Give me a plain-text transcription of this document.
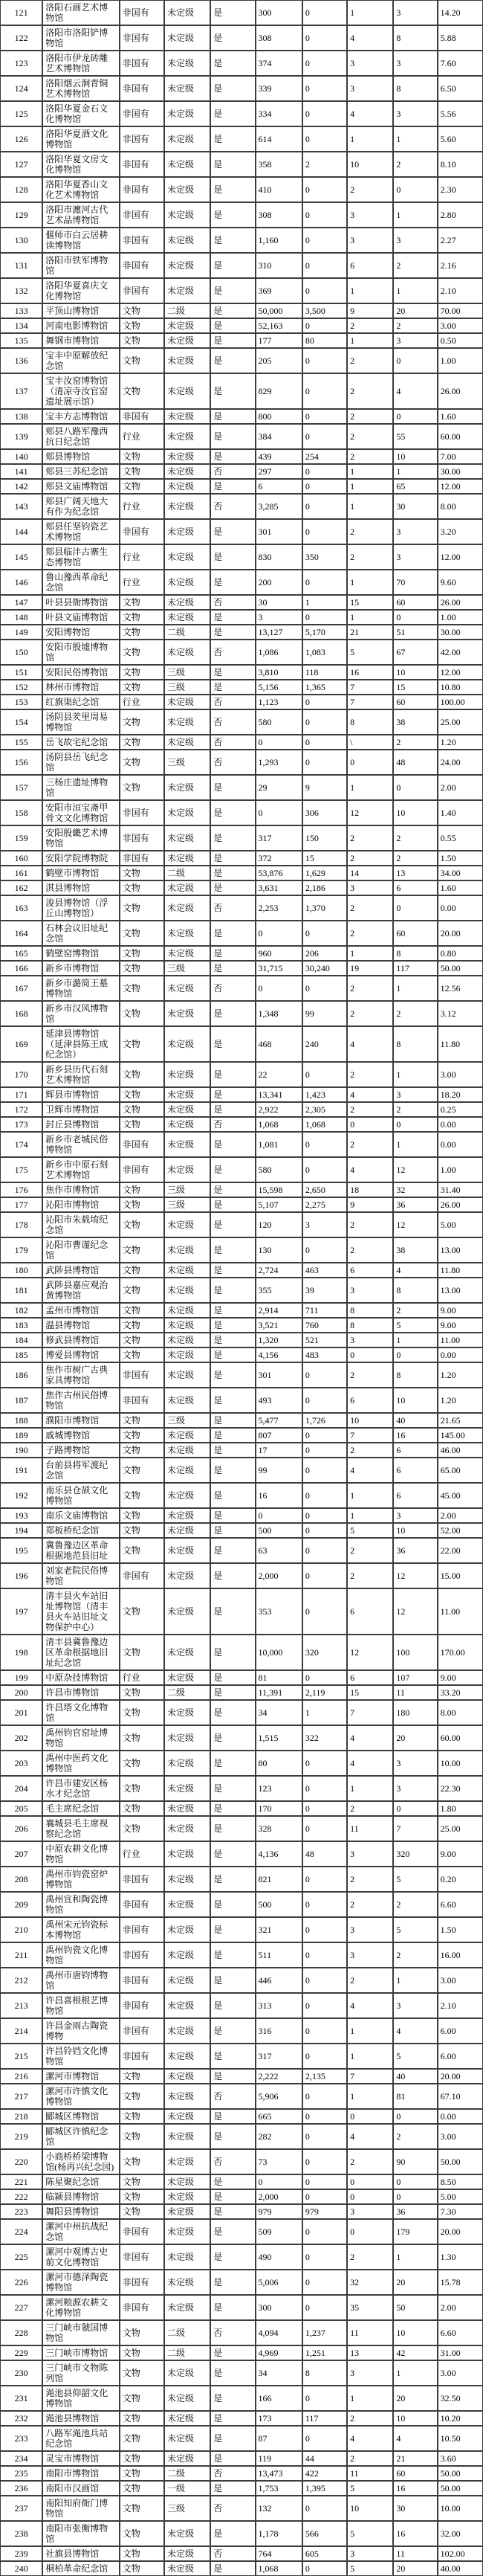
121	洛阳石画艺术博物馆	非国有	未定级	是	300	0	1	3	14.20
122	洛阳市洛阳铲博物馆	非国有	未定级	是	308	0	4	8	5.88
123	洛阳市伊龙砖雕艺术博物馆	非国有	未定级	是	374	0	3	3	7.60
124	洛阳烟云涧青铜艺术博物馆	非国有	未定级	是	339	0	3	8	6.50
125	洛阳华夏金石文化博物馆	非国有	未定级	是	334	0	4	3	5.56
126	洛阳华夏酒文化博物馆	非国有	未定级	是	614	0	1	1	5.60
127	洛阳华夏文房文化博物馆	非国有	未定级	是	358	2	10	2	8.10
128	洛阳华夏香山文化艺术博物馆	非国有	未定级	是	410	0	2	0	2.30
129	洛阳市瀍河古代艺术品博物馆	非国有	未定级	是	308	0	3	1	2.80
130	偃师市白云居耕读博物馆	非国有	未定级	是	1,160	0	3	3	2.27
131	洛阳市铁军博物馆	非国有	未定级	是	310	0	6	2	2.16
132	洛阳华夏喜庆文化博物馆	非国有	未定级	是	369	0	1	1	2.10
133	平顶山博物馆	文物	二级	是	50,000	3,500	9	20	70.00
134	河南电影博物馆	文物	未定级	是	52,163	0	2	2	3.00
135	舞钢市博物馆	文物	未定级	是	177	80	1	3	0.50
136	宝丰中原解放纪念馆	文物	未定级	是	205	0	2	0	1.00
137	宝丰汝窑博物馆（清凉寺汝官窑遗址展示馆）	文物	未定级	是	829	0	2	4	26.00
138	宝丰方志博物馆	非国有	未定级	是	800	0	2	0	1.60
139	郏县八路军豫西抗日纪念馆	行业	未定级	是	384	0	2	55	60.00
140	郏县博物馆	文物	未定级	是	439	254	2	10	7.00
141	郏县三苏纪念馆	文物	未定级	否	297	0	1	1	30.00
142	郏县文庙博物馆	文物	未定级	是	6	0	1	65	12.00
143	郏县广阔天地大有作为纪念馆	行业	未定级	否	3,285	0	1	30	8.00
144	郏县任坚钧瓷艺术博物馆	非国有	未定级	是	301	0	2	3	3.20
145	郏县临沣古寨生态博物馆	行业	未定级	是	830	350	2	3	12.00
146	鲁山豫西革命纪念馆	行业	未定级	是	200	0	1	70	9.60
147	叶县县衙博物馆	文物	未定级	否	30	1	15	60	26.00
148	叶县文庙博物馆	文物	未定级	是	3	0	1	0	1.00
149	安阳博物馆	文物	二级	是	13,127	5,170	21	51	30.00
150	安阳市殷墟博物馆	文物	未定级	否	1,086	1,083	5	67	42.00
151	安阳民俗博物馆	文物	三级	是	3,810	118	16	10	12.00
152	林州市博物馆	文物	三级	是	5,156	1,365	7	15	10.80
153	红旗渠纪念馆	行业	未定级	否	1,123	0	7	60	100.00
154	汤阴县羑里周易博物馆	文物	未定级	否	580	0	8	38	25.00
155	岳飞故宅纪念馆	文物	未定级	否	0	0	\	2	1.20
156	汤阴县岳飞纪念馆	文物	三级	否	1,293	0	0	48	24.00
157	三杨庄遗址博物馆	文物	未定级	是	29	9	1	0	2.00
158	安阳市洹宝斋甲骨文文化博物馆	非国有	未定级	是	0	306	12	10	1.40
159	安阳殷畿艺术博物馆	非国有	未定级	是	317	150	2	2	0.55
160	安阳学院博物院	非国有	未定级	是	372	15	2	2	1.50
161	鹤壁市博物馆	文物	二级	是	53,876	1,629	14	13	34.00
162	淇县博物馆	文物	未定级	是	3,631	2,186	3	6	1.60
163	浚县博物馆（浮丘山博物馆）	文物	未定级	否	2,253	1,370	2	0	0.00
164	石林会议旧址纪念馆	文物	未定级	是	0	0	2	60	20.00
165	鹤壁窑博物馆	文物	未定级	是	960	206	1	8	0.80
166	新乡市博物馆	文物	三级	是	31,715	30,240	19	117	50.00
167	新乡市潞简王墓博物馆	文物	未定级	否	0	0	2	1	12.56
168	新乡市汉风博物馆	文物	未定级	是	1,348	99	2	2	3.12
169	延津县博物馆（延津县陈王成纪念馆）	文物	未定级	是	468	240	4	8	11.80
170	新乡县历代石刻艺术博物馆	文物	未定级	是	22	0	2	1	3.00
171	辉县市博物馆	文物	未定级	是	13,341	1,423	4	3	18.20
172	卫辉市博物馆	文物	未定级	是	2,922	2,305	2	2	0.25
173	封丘县博物馆	文物	未定级	否	1,068	1,068	0	0	0.00
174	新乡市老城民俗博物馆	非国有	未定级	是	1,081	0	2	1	0.00
175	新乡市中原石刻艺术博物馆	非国有	未定级	是	580	0	4	12	1.00
176	焦作市博物馆	文物	三级	是	15,598	2,650	18	32	31.40
177	沁阳市博物馆	文物	三级	是	5,107	2,275	9	36	26.00
178	沁阳市朱载堉纪念馆	文物	未定级	是	120	3	2	12	5.00
179	沁阳市曹谨纪念馆	文物	未定级	是	130	0	2	38	13.00
180	武陟县博物馆	文物	未定级	是	2,724	463	6	4	11.80
181	武陟县嘉应观治黄博物馆	文物	未定级	是	355	39	3	8	13.00
182	孟州市博物馆	文物	未定级	是	2,914	711	8	2	9.00
183	温县博物馆	文物	未定级	是	3,521	760	8	5	9.00
184	修武县博物馆	文物	未定级	是	1,320	521	3	1	11.00
185	博爱县博物馆	文物	未定级	是	4,156	483	0	0	0.00
186	焦作市树广古典家具博物馆	非国有	未定级	是	301	0	2	8	1.20
187	焦作古州民俗博物馆	非国有	未定级	是	493	0	6	10	1.20
188	濮阳市博物馆	文物	三级	是	5,477	1,726	10	40	21.65
189	戚城博物馆	文物	未定级	是	807	0	7	16	145.00
190	子路博物馆	文物	未定级	是	17	0	2	6	46.00
191	台前县将军渡纪念馆	文物	未定级	是	99	0	4	6	65.00
192	南乐县仓颉文化博物馆	文物	未定级	是	16	0	1	6	45.00
193	南乐文庙博物馆	文物	未定级	是	0	0	1	3	2.00
194	郑板桥纪念馆	文物	未定级	是	500	0	5	10	52.00
195	冀鲁豫边区革命根据地范县旧址	文物	未定级	是	63	0	2	36	22.00
196	刘家老院民俗博物馆	非国有	未定级	是	2,000	0	2	12	15.00
197	清丰县火车站旧址博物馆（清丰县火车站旧址文物保护中心）	文物	未定级	是	353	0	6	12	11.00
198	清丰县冀鲁豫边区革命根据地旧址纪念馆	文物	未定级	是	10,000	320	12	100	170.00
199	中原杂技博物馆	行业	未定级	是	81	0	6	107	9.00
200	许昌市博物馆	文物	二级	是	11,391	2,119	15	11	33.20
201	许昌塔文化博物馆	文物	未定级	是	34	1	7	180	8.00
202	禹州钧官窑址博物馆	文物	未定级	是	1,515	322	4	20	60.00
203	禹州中医药文化博物馆	文物	未定级	是	80	0	4	3	10.00
204	许昌市建安区杨水才纪念馆	文物	未定级	是	123	0	1	3	22.30
205	毛主席纪念馆	文物	未定级	是	170	0	2	0	1.80
206	襄城县毛主席视察纪念馆	文物	未定级	是	328	0	11	7	25.00
207	中原农耕文化博物馆	行业	未定级	是	4,136	48	3	320	9.00
208	禹州市钧瓷窑炉博物馆	非国有	未定级	是	821	0	2	5	0.20
209	禹州宣和陶瓷博物馆	非国有	未定级	是	500	0	2	2	6.60
210	禹州宋元钧瓷标本博物馆	非国有	未定级	是	321	0	3	5	1.50
211	禹州钧瓷文化博物馆	非国有	未定级	是	511	0	3	2	16.00
212	禹州市唐钧博物馆	非国有	未定级	是	446	0	2	1	3.00
213	许昌喜根根艺博物馆	非国有	未定级	是	313	0	4	3	2.10
214	许昌金雨古陶瓷博物	非国有	未定级	是	316	0	1	4	6.00
215	许昌铃铛文化博物馆	非国有	未定级	是	317	0	1	5	6.00
216	漯河市博物馆	文物	未定级	是	2,222	2,135	7	40	20.00
217	漯河市许慎文化博物馆	文物	未定级	否	5,906	0	1	81	67.10
218	郾城区博物馆	文物	未定级	是	665	0	0	0	0.00
219	郾城区许慎纪念馆	文物	未定级	是	282	0	4	2	3.00
220	小商桥桥梁博物馆(杨再兴纪念园)	文物	未定级	否	73	0	2	90	50.00
221	陈星聚纪念馆	文物	未定级	是	0	0	0	0	8.50
222	临颍县博物馆	文物	未定级	是	2,000	0	0	0	5.00
223	舞阳县博物馆	文物	未定级	是	979	979	3	36	7.30
224	漯河中州抗战纪念馆	非国有	未定级	是	509	0	0	179	20.00
225	漯河中观博古史前文化博物馆	非国有	未定级	是	490	0	2	1	1.30
226	漯河市德泽陶瓷博物馆	非国有	未定级	是	5,006	0	32	20	15.78
227	漯河粮源农耕文化博物馆	非国有	未定级	是	300	0	35	50	2.00
228	三门峡市虢国博物馆	文物	二级	否	4,094	1,237	11	10	6.60
229	三门峡市博物馆	文物	二级	是	4,969	1,251	13	42	31.00
230	三门峡市文物陈列馆	文物	未定级	是	34	8	3	1	3.00
231	渑池县仰韶文化博物馆	文物	未定级	是	166	0	1	20	32.50
232	渑池县博物馆	文物	未定级	是	173	117	2	10	10.20
233	八路军渑池兵站纪念馆	文物	未定级	是	87	0	4	4	10.50
234	灵宝市博物馆	文物	未定级	是	119	44	2	21	3.60
235	南阳市博物馆	文物	二级	否	13,473	422	11	60	50.00
236	南阳市汉画馆	文物	一级	是	1,753	1,395	5	16	50.00
237	南阳知府衙门博物馆	文物	三级	否	132	0	10	30	10.00
238	南阳市张衡博物馆	文物	未定级	是	1,178	566	5	16	32.00
239	社旗县博物馆	文物	未定级	否	764	605	3	11	102.00
240	桐柏革命纪念馆	文物	未定级	是	1,068	0	5	20	40.00
